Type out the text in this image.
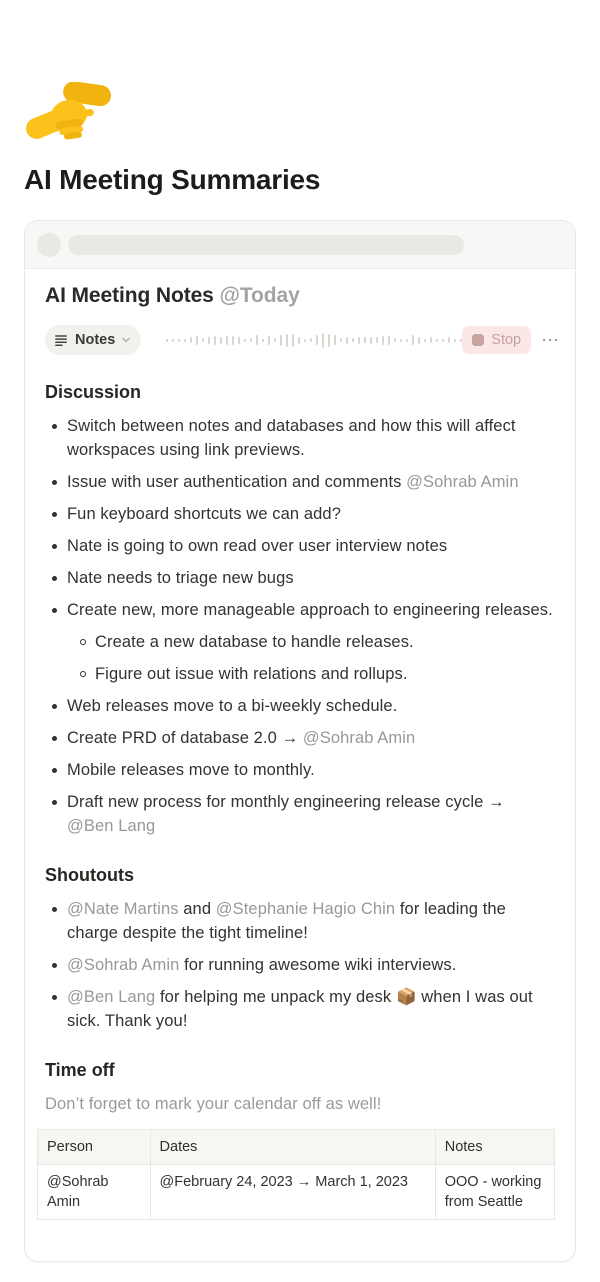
AI Meeting Summaries
AI Meeting Notes @Today
Notes	Stop ⋯
Discussion
Switch between notes and databases and how this will affect workspaces using link previews.
Issue with user authentication and comments @Sohrab Amin
Fun keyboard shortcuts we can add?
Nate is going to own read over user interview notes
Nate needs to triage new bugs
Create new, more manageable approach to engineering releases.
Create a new database to handle releases.
Figure out issue with relations and rollups.
Web releases move to a bi-weekly schedule.
Create PRD of database 2.0 → @Sohrab Amin
Mobile releases move to monthly.
Draft new process for monthly engineering release cycle → @Ben Lang
Shoutouts
@Nate Martins and @Stephanie Hagio Chin for leading the charge despite the tight timeline!
@Sohrab Amin for running awesome wiki interviews.
@Ben Lang for helping me unpack my desk 📦 when I was out sick. Thank you!
Time off

Don’t forget to mark your calendar off as well!

Person	Dates	Notes
@Sohrab Amin	@February 24, 2023 → March 1, 2023	OOO - working from Seattle
